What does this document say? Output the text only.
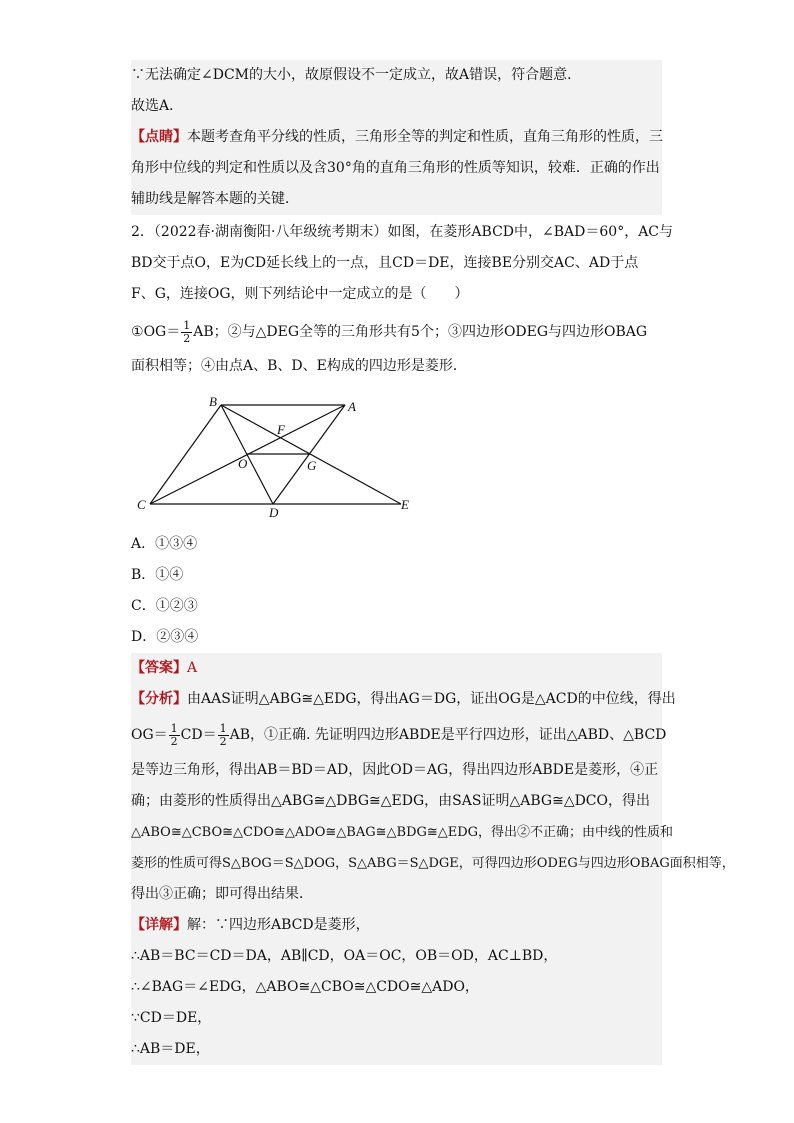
∵无法确定∠DCM的大小，故原假设不一定成立，故A错误，符合题意．
故选A．
【点睛】本题考查角平分线的性质，三角形全等的判定和性质，直角三角形的性质，三
角形中位线的判定和性质以及含30°角的直角三角形的性质等知识，较难．正确的作出
辅助线是解答本题的关键．
2．（2022春·湖南衡阳·八年级统考期末）如图，在菱形ABCD中，∠BAD＝60°，AC与
BD交于点O，E为CD延长线上的一点，且CD＝DE，连接BE分别交AC、AD于点
F、G，连接OG，则下列结论中一定成立的是（　　）
①OG＝ $\frac{1}{2}$ AB；②与△DEG全等的三角形共有5个；③四边形ODEG与四边形OBAG
面积相等；④由点A、B、D、E构成的四边形是菱形．
B	A
F
O	G
C
D
E
A．①③④
B．①④
C．①②③
D．②③④
【答案】A
【分析】由AAS证明△ABG≅△EDG，得出AG＝DG，证出OG是△ACD的中位线，得出
$OG= \frac{1}{2} CD= \frac{1}{2}$ AB，①正确. 先证明四边形ABDE是平行四边形，证出△ABD、△BCD
是等边三角形，得出AB＝BD＝AD，因此OD＝AG，得出四边形ABDE是菱形，④正
确；由菱形的性质得出△ABG≅△DBG≅△EDG，由SAS证明△ABG≅△DCO，得出
△ABO≅△CBO≅△CDO≅△ADO≅△BAG≅△BDG≅△EDG，得出②不正确；由中线的性质和
菱形的性质可得S△BOG＝S△DOG，S△ABG＝S△DGE，可得四边形ODEG与四边形OBAG面积相等，
得出③正确；即可得出结果．
【详解】解：∵四边形ABCD是菱形，
∴AB＝BC＝CD＝DA，AB∥CD，OA＝OC，OB＝OD，AC⊥BD，
∴∠BAG＝∠EDG，△ABO≅△CBO≅△CDO≅△ADO，
∵CD＝DE，
∴AB＝DE，
